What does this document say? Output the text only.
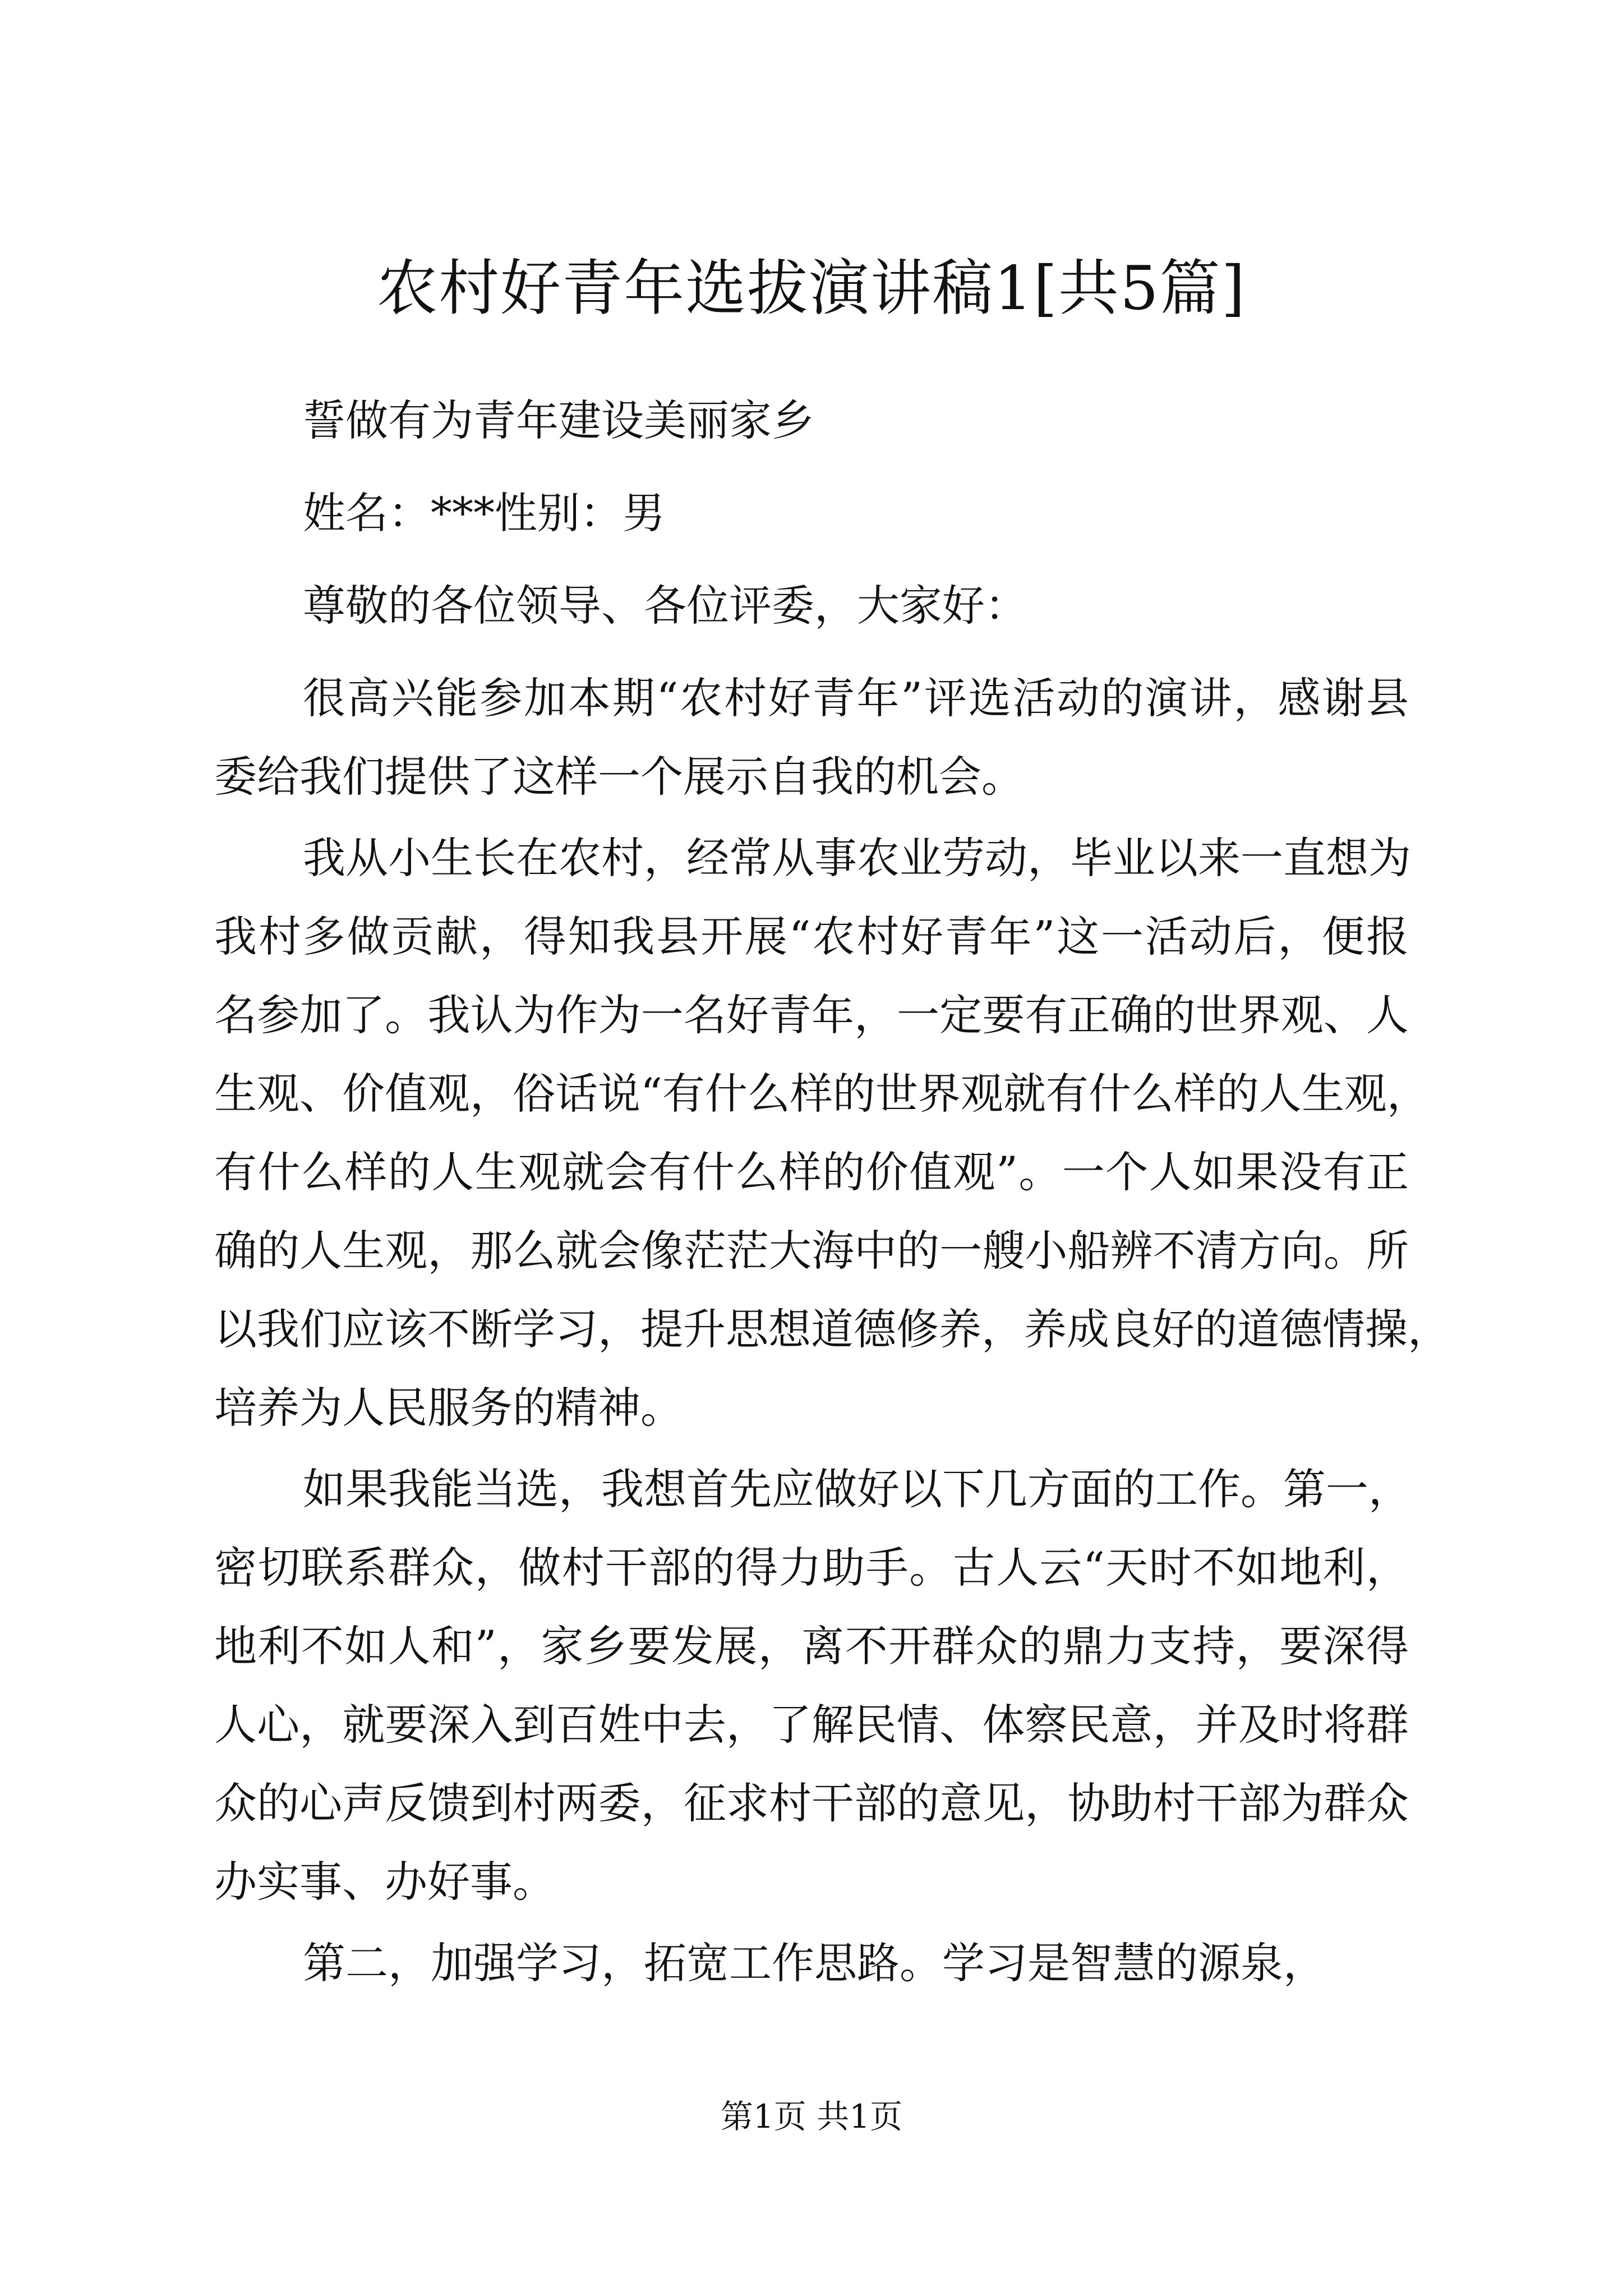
农村好青年选拔演讲稿1[共5篇]
誓做有为青年建设美丽家乡
姓名：***性别：男
尊敬的各位领导、各位评委，大家好：
很高兴能参加本期“农村好青年”评选活动的演讲，感谢县
委给我们提供了这样一个展示自我的机会。
我从小生长在农村，经常从事农业劳动，毕业以来一直想为
我村多做贡献，得知我县开展“农村好青年”这一活动后，便报
名参加了。我认为作为一名好青年，一定要有正确的世界观、人
生观、价值观，俗话说“有什么样的世界观就有什么样的人生观，
有什么样的人生观就会有什么样的价值观”。一个人如果没有正
确的人生观，那么就会像茫茫大海中的一艘小船辨不清方向。所
以我们应该不断学习，提升思想道德修养，养成良好的道德情操，
培养为人民服务的精神。
如果我能当选，我想首先应做好以下几方面的工作。第一，
密切联系群众，做村干部的得力助手。古人云“天时不如地利，
地利不如人和”，家乡要发展，离不开群众的鼎力支持，要深得
人心，就要深入到百姓中去，了解民情、体察民意，并及时将群
众的心声反馈到村两委，征求村干部的意见，协助村干部为群众
办实事、办好事。
第二，加强学习，拓宽工作思路。学习是智慧的源泉，
第1页 共1页
